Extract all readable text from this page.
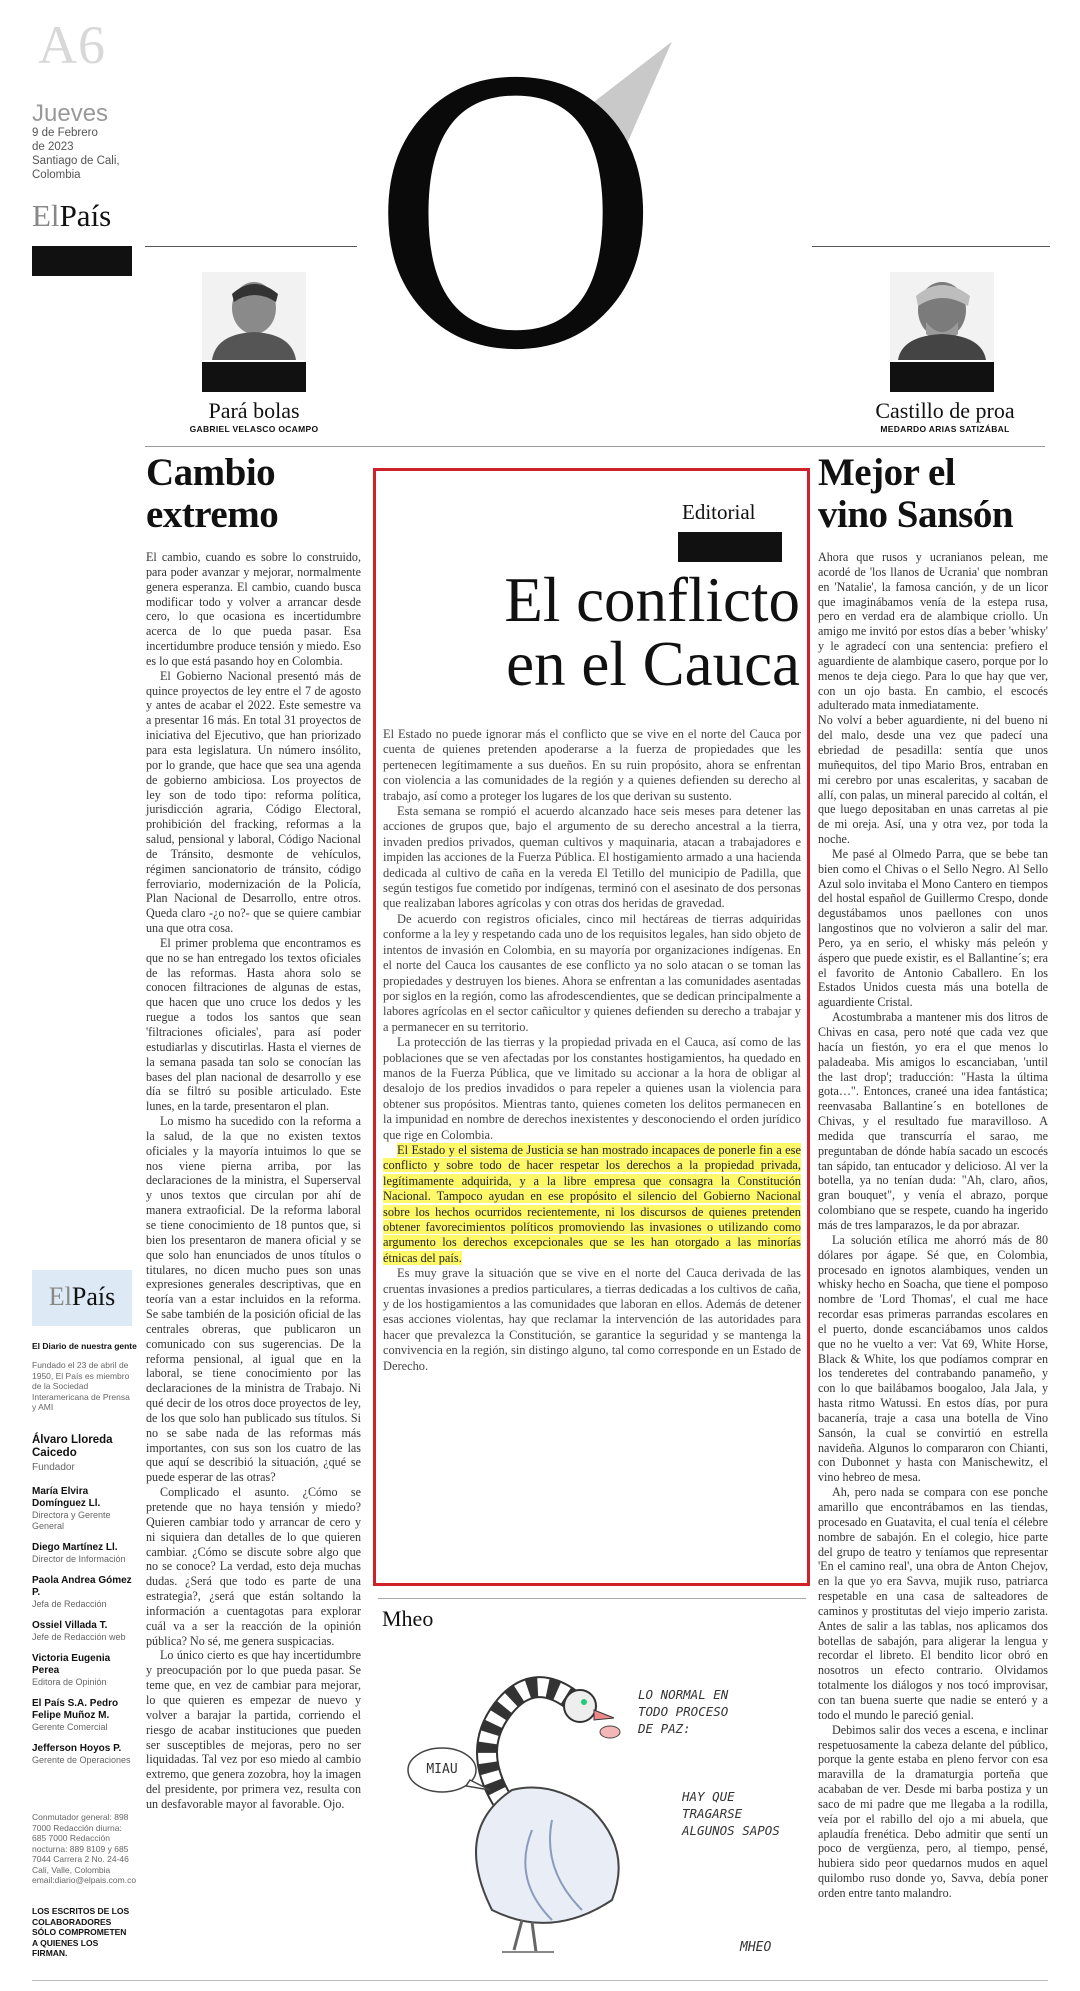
A6
Jueves
9 de Febrero
de 2023
Santiago de Cali,
Colombia
ElPaís O
Pará bolas
GABRIEL VELASCO OCAMPO
Castillo de proa
MEDARDO ARIAS SATIZÁBAL
Cambio
extremo

El cambio, cuando es sobre lo construido, para poder avanzar y mejorar, normalmente genera esperanza. El cambio, cuando busca modificar todo y volver a arrancar desde cero, lo que ocasiona es incertidumbre acerca de lo que pueda pasar. Esa incertidumbre produce tensión y miedo. Eso es lo que está pasando hoy en Colombia.

El Gobierno Nacional presentó más de quince proyectos de ley entre el 7 de agosto y antes de acabar el 2022. Este semestre va a presentar 16 más. En total 31 proyectos de iniciativa del Ejecutivo, que han priorizado para esta legislatura. Un número insólito, por lo grande, que hace que sea una agenda de gobierno ambiciosa. Los proyectos de ley son de todo tipo: reforma política, jurisdicción agraria, Código Electoral, prohibición del fracking, reformas a la salud, pensional y laboral, Código Nacional de Tránsito, desmonte de vehículos, régimen sancionatorio de tránsito, código ferroviario, modernización de la Policía, Plan Nacional de Desarrollo, entre otros. Queda claro -¿o no?- que se quiere cambiar una que otra cosa.

El primer problema que encontramos es que no se han entregado los textos oficiales de las reformas. Hasta ahora solo se conocen filtraciones de algunas de estas, que hacen que uno cruce los dedos y les ruegue a todos los santos que sean 'filtraciones oficiales', para así poder estudiarlas y discutirlas. Hasta el viernes de la semana pasada tan solo se conocían las bases del plan nacional de desarrollo y ese día se filtró su posible articulado. Este lunes, en la tarde, presentaron el plan.

Lo mismo ha sucedido con la reforma a la salud, de la que no existen textos oficiales y la mayoría intuimos lo que se nos viene pierna arriba, por las declaraciones de la ministra, el Superserval y unos textos que circulan por ahí de manera extraoficial. De la reforma laboral se tiene conocimiento de 18 puntos que, si bien los presentaron de manera oficial y se que solo han enunciados de unos títulos o titulares, no dicen mucho pues son unas expresiones generales descriptivas, que en teoría van a estar incluidos en la reforma. Se sabe también de la posición oficial de las centrales obreras, que publicaron un comunicado con sus sugerencias. De la reforma pensional, al igual que en la laboral, se tiene conocimiento por las declaraciones de la ministra de Trabajo. Ni qué decir de los otros doce proyectos de ley, de los que solo han publicado sus títulos. Si no se sabe nada de las reformas más importantes, con sus son los cuatro de las que aquí se describió la situación, ¿qué se puede esperar de las otras?

Complicado el asunto. ¿Cómo se pretende que no haya tensión y miedo? Quieren cambiar todo y arrancar de cero y ni siquiera dan detalles de lo que quieren cambiar. ¿Cómo se discute sobre algo que no se conoce? La verdad, esto deja muchas dudas. ¿Será que todo es parte de una estrategia?, ¿será que están soltando la información a cuentagotas para explorar cuál va a ser la reacción de la opinión pública? No sé, me genera suspicacias.

Lo único cierto es que hay incertidumbre y preocupación por lo que pueda pasar. Se teme que, en vez de cambiar para mejorar, lo que quieren es empezar de nuevo y volver a barajar la partida, corriendo el riesgo de acabar instituciones que pueden ser susceptibles de mejoras, pero no ser liquidadas. Tal vez por eso miedo al cambio extremo, que genera zozobra, hoy la imagen del presidente, por primera vez, resulta con un desfavorable mayor al favorable. Ojo.

ElPaís
El Diario de nuestra gente
Fundado el 23 de abril de 1950, El País es miembro de la Sociedad Interamericana de Prensa y AMI
Álvaro Lloreda Caicedo
Fundador
María Elvira Domínguez Ll.
Directora y Gerente General
Diego Martínez Ll.
Director de Información
Paola Andrea Gómez P.
Jefa de Redacción
Ossiel Villada T.
Jefe de Redacción web
Victoria Eugenia Perea
Editora de Opinión
El País S.A. Pedro Felipe Muñoz M.
Gerente Comercial
Jefferson Hoyos P.
Gerente de Operaciones
Conmutador general: 898 7000 Redacción diurna: 685 7000 Redacción nocturna: 889 8109 y 685 7044 Carrera 2 No. 24-46 Cali, Valle, Colombia email:diario@elpais.com.co
LOS ESCRITOS DE LOS COLABORADORES SÓLO COMPROMETEN A QUIENES LOS FIRMAN.
Editorial
El conflicto
en el Cauca

El Estado no puede ignorar más el conflicto que se vive en el norte del Cauca por cuenta de quienes pretenden apoderarse a la fuerza de propiedades que les pertenecen legítimamente a sus dueños. En su ruin propósito, ahora se enfrentan con violencia a las comunidades de la región y a quienes defienden su derecho al trabajo, así como a proteger los lugares de los que derivan su sustento.

Esta semana se rompió el acuerdo alcanzado hace seis meses para detener las acciones de grupos que, bajo el argumento de su derecho ancestral a la tierra, invaden predios privados, queman cultivos y maquinaria, atacan a trabajadores e impiden las acciones de la Fuerza Pública. El hostigamiento armado a una hacienda dedicada al cultivo de caña en la vereda El Tetillo del municipio de Padilla, que según testigos fue cometido por indígenas, terminó con el asesinato de dos personas que realizaban labores agrícolas y con otras dos heridas de gravedad.

De acuerdo con registros oficiales, cinco mil hectáreas de tierras adquiridas conforme a la ley y respetando cada uno de los requisitos legales, han sido objeto de intentos de invasión en Colombia, en su mayoría por organizaciones indígenas. En el norte del Cauca los causantes de ese conflicto ya no solo atacan o se toman las propiedades y destruyen los bienes. Ahora se enfrentan a las comunidades asentadas por siglos en la región, como las afrodescendientes, que se dedican principalmente a labores agrícolas en el sector cañicultor y quienes defienden su derecho a trabajar y a permanecer en su territorio.

La protección de las tierras y la propiedad privada en el Cauca, así como de las poblaciones que se ven afectadas por los constantes hostigamientos, ha quedado en manos de la Fuerza Pública, que ve limitado su accionar a la hora de obligar al desalojo de los predios invadidos o para repeler a quienes usan la violencia para obtener sus propósitos. Mientras tanto, quienes cometen los delitos permanecen en la impunidad en nombre de derechos inexistentes y desconociendo el orden jurídico que rige en Colombia.

El Estado y el sistema de Justicia se han mostrado incapaces de ponerle fin a ese conflicto y sobre todo de hacer respetar los derechos a la propiedad privada, legítimamente adquirida, y a la libre empresa que consagra la Constitución Nacional. Tampoco ayudan en ese propósito el silencio del Gobierno Nacional sobre los hechos ocurridos recientemente, ni los discursos de quienes pretenden obtener favorecimientos políticos promoviendo las invasiones o utilizando como argumento los derechos excepcionales que se les han otorgado a las minorías étnicas del país.

Es muy grave la situación que se vive en el norte del Cauca derivada de las cruentas invasiones a predios particulares, a tierras dedicadas a los cultivos de caña, y de los hostigamientos a las comunidades que laboran en ellos. Además de detener esas acciones violentas, hay que reclamar la intervención de las autoridades para hacer que prevalezca la Constitución, se garantice la seguridad y se mantenga la convivencia en la región, sin distingo alguno, tal como corresponde en un Estado de Derecho.

Mheo
MIAU
LO NORMAL EN TODO PROCESO DE PAZ:
HAY QUE TRAGARSE ALGUNOS SAPOS
MHEO
Mejor el
vino Sansón

Ahora que rusos y ucranianos pelean, me acordé de 'los llanos de Ucrania' que nombran en 'Natalie', la famosa canción, y de un licor que imaginábamos venía de la estepa rusa, pero en verdad era de alambique criollo. Un amigo me invitó por estos días a beber 'whisky' y le agradecí con una sentencia: prefiero el aguardiente de alambique casero, porque por lo menos te deja ciego. Para lo que hay que ver, con un ojo basta. En cambio, el escocés adulterado mata inmediatamente.

No volví a beber aguardiente, ni del bueno ni del malo, desde una vez que padecí una ebriedad de pesadilla: sentía que unos muñequitos, del tipo Mario Bros, entraban en mi cerebro por unas escaleritas, y sacaban de allí, con palas, un mineral parecido al coltán, el que luego depositaban en unas carretas al pie de mi oreja. Así, una y otra vez, por toda la noche.

Me pasé al Olmedo Parra, que se bebe tan bien como el Chivas o el Sello Negro. Al Sello Azul solo invitaba el Mono Cantero en tiempos del hostal español de Guillermo Crespo, donde degustábamos unos paellones con unos langostinos que no volvieron a salir del mar. Pero, ya en serio, el whisky más peleón y áspero que puede existir, es el Ballantine´s; era el favorito de Antonio Caballero. En los Estados Unidos cuesta más una botella de aguardiente Cristal.

Acostumbraba a mantener mis dos litros de Chivas en casa, pero noté que cada vez que hacía un fiestón, yo era el que menos lo paladeaba. Mis amigos lo escanciaban, 'until the last drop'; traducción: "Hasta la última gota…". Entonces, craneé una idea fantástica; reenvasaba Ballantine´s en botellones de Chivas, y el resultado fue maravilloso. A medida que transcurría el sarao, me preguntaban de dónde había sacado un escocés tan sápido, tan entucador y delicioso. Al ver la botella, ya no tenían duda: "Ah, claro, años, gran bouquet", y venía el abrazo, porque colombiano que se respete, cuando ha ingerido más de tres lamparazos, le da por abrazar.

La solución etílica me ahorró más de 80 dólares por ágape. Sé que, en Colombia, procesado en ignotos alambiques, venden un whisky hecho en Soacha, que tiene el pomposo nombre de 'Lord Thomas', el cual me hace recordar esas primeras parrandas escolares en el puerto, donde escanciábamos unos caldos que no he vuelto a ver: Vat 69, White Horse, Black & White, los que podíamos comprar en los tenderetes del contrabando panameño, y con lo que bailábamos boogaloo, Jala Jala, y hasta ritmo Watussi. En estos días, por pura bacanería, traje a casa una botella de Vino Sansón, la cual se convirtió en estrella navideña. Algunos lo compararon con Chianti, con Dubonnet y hasta con Manischewitz, el vino hebreo de mesa.

Ah, pero nada se compara con ese ponche amarillo que encontrábamos en las tiendas, procesado en Guatavita, el cual tenía el célebre nombre de sabajón. En el colegio, hice parte del grupo de teatro y teníamos que representar 'En el camino real', una obra de Anton Chejov, en la que yo era Savva, mujik ruso, patriarca respetable en una casa de salteadores de caminos y prostitutas del viejo imperio zarista. Antes de salir a las tablas, nos aplicamos dos botellas de sabajón, para aligerar la lengua y recordar el libreto. El bendito licor obró en nosotros un efecto contrario. Olvidamos totalmente los diálogos y nos tocó improvisar, con tan buena suerte que nadie se enteró y a todo el mundo le pareció genial.

Debimos salir dos veces a escena, e inclinar respetuosamente la cabeza delante del público, porque la gente estaba en pleno fervor con esa maravilla de la dramaturgia porteña que acababan de ver. Desde mi barba postiza y un saco de mi padre que me llegaba a la rodilla, veía por el rabillo del ojo a mi abuela, que aplaudía frenética. Debo admitir que sentí un poco de vergüenza, pero, al tiempo, pensé, hubiera sido peor quedarnos mudos en aquel quilombo ruso donde yo, Savva, debía poner orden entre tanto malandro.
